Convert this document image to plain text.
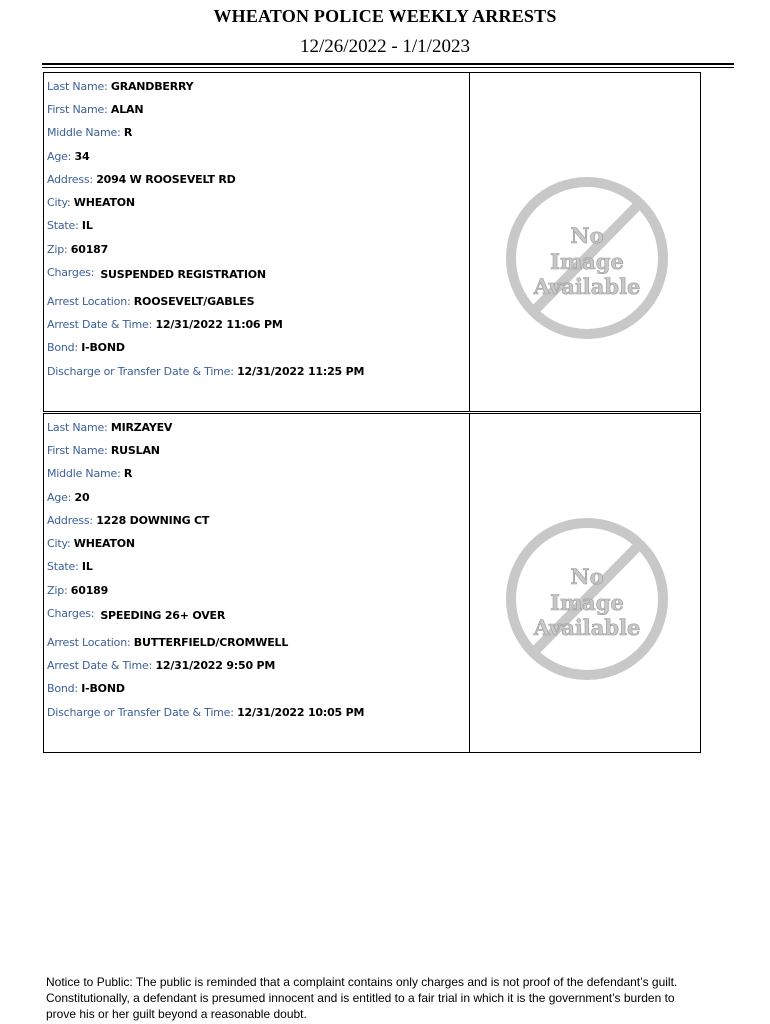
WHEATON POLICE WEEKLY ARRESTS
12/26/2022 - 1/1/2023
Last Name: GRANDBERRY
First Name: ALAN
Middle Name: R
Age: 34
Address: 2094 W ROOSEVELT RD
City: WHEATON
State: IL
Zip: 60187
Charges: SUSPENDED REGISTRATION
Arrest Location: ROOSEVELT/GABLES
Arrest Date & Time: 12/31/2022 11:06 PM
Bond: I-BOND
Discharge or Transfer Date & Time: 12/31/2022 11:25 PM
No
Image
Available
Last Name: MIRZAYEV
First Name: RUSLAN
Middle Name: R
Age: 20
Address: 1228 DOWNING CT
City: WHEATON
State: IL
Zip: 60189
Charges: SPEEDING 26+ OVER
Arrest Location: BUTTERFIELD/CROMWELL
Arrest Date & Time: 12/31/2022 9:50 PM
Bond: I-BOND
Discharge or Transfer Date & Time: 12/31/2022 10:05 PM
No
Image
Available
Notice to Public: The public is reminded that a complaint contains only charges and is not proof of the defendant’s guilt. Constitutionally, a defendant is presumed innocent and is entitled to a fair trial in which it is the government’s burden to prove his or her guilt beyond a reasonable doubt.
